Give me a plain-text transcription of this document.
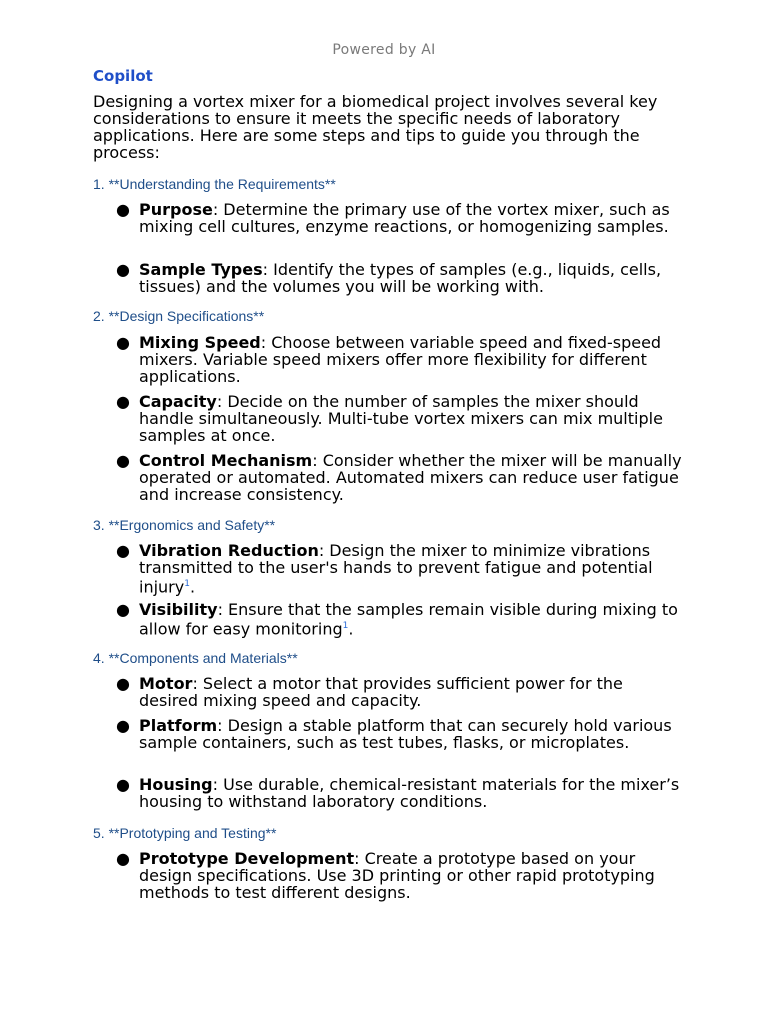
Powered by AI
Copilot
Designing a vortex mixer for a biomedical project involves several key considerations to ensure it meets the specific needs of laboratory applications. Here are some steps and tips to guide you through the process:
1. **Understanding the Requirements**
● Purpose: Determine the primary use of the vortex mixer, such as mixing cell cultures, enzyme reactions, or homogenizing samples.
● Sample Types: Identify the types of samples (e.g., liquids, cells, tissues) and the volumes you will be working with.
2. **Design Specifications**
● Mixing Speed: Choose between variable speed and fixed-speed mixers. Variable speed mixers offer more flexibility for different applications.
● Capacity: Decide on the number of samples the mixer should handle simultaneously. Multi-tube vortex mixers can mix multiple samples at once.
● Control Mechanism: Consider whether the mixer will be manually operated or automated. Automated mixers can reduce user fatigue and increase consistency.
3. **Ergonomics and Safety**
● Vibration Reduction: Design the mixer to minimize vibrations transmitted to the user's hands to prevent fatigue and potential injury$^1$.
● Visibility: Ensure that the samples remain visible during mixing to allow for easy monitoring$^1$.
4. **Components and Materials**
● Motor: Select a motor that provides sufficient power for the desired mixing speed and capacity.
● Platform: Design a stable platform that can securely hold various sample containers, such as test tubes, flasks, or microplates.
● Housing: Use durable, chemical-resistant materials for the mixer’s housing to withstand laboratory conditions.
5. **Prototyping and Testing**
● Prototype Development: Create a prototype based on your design specifications. Use 3D printing or other rapid prototyping methods to test different designs.
